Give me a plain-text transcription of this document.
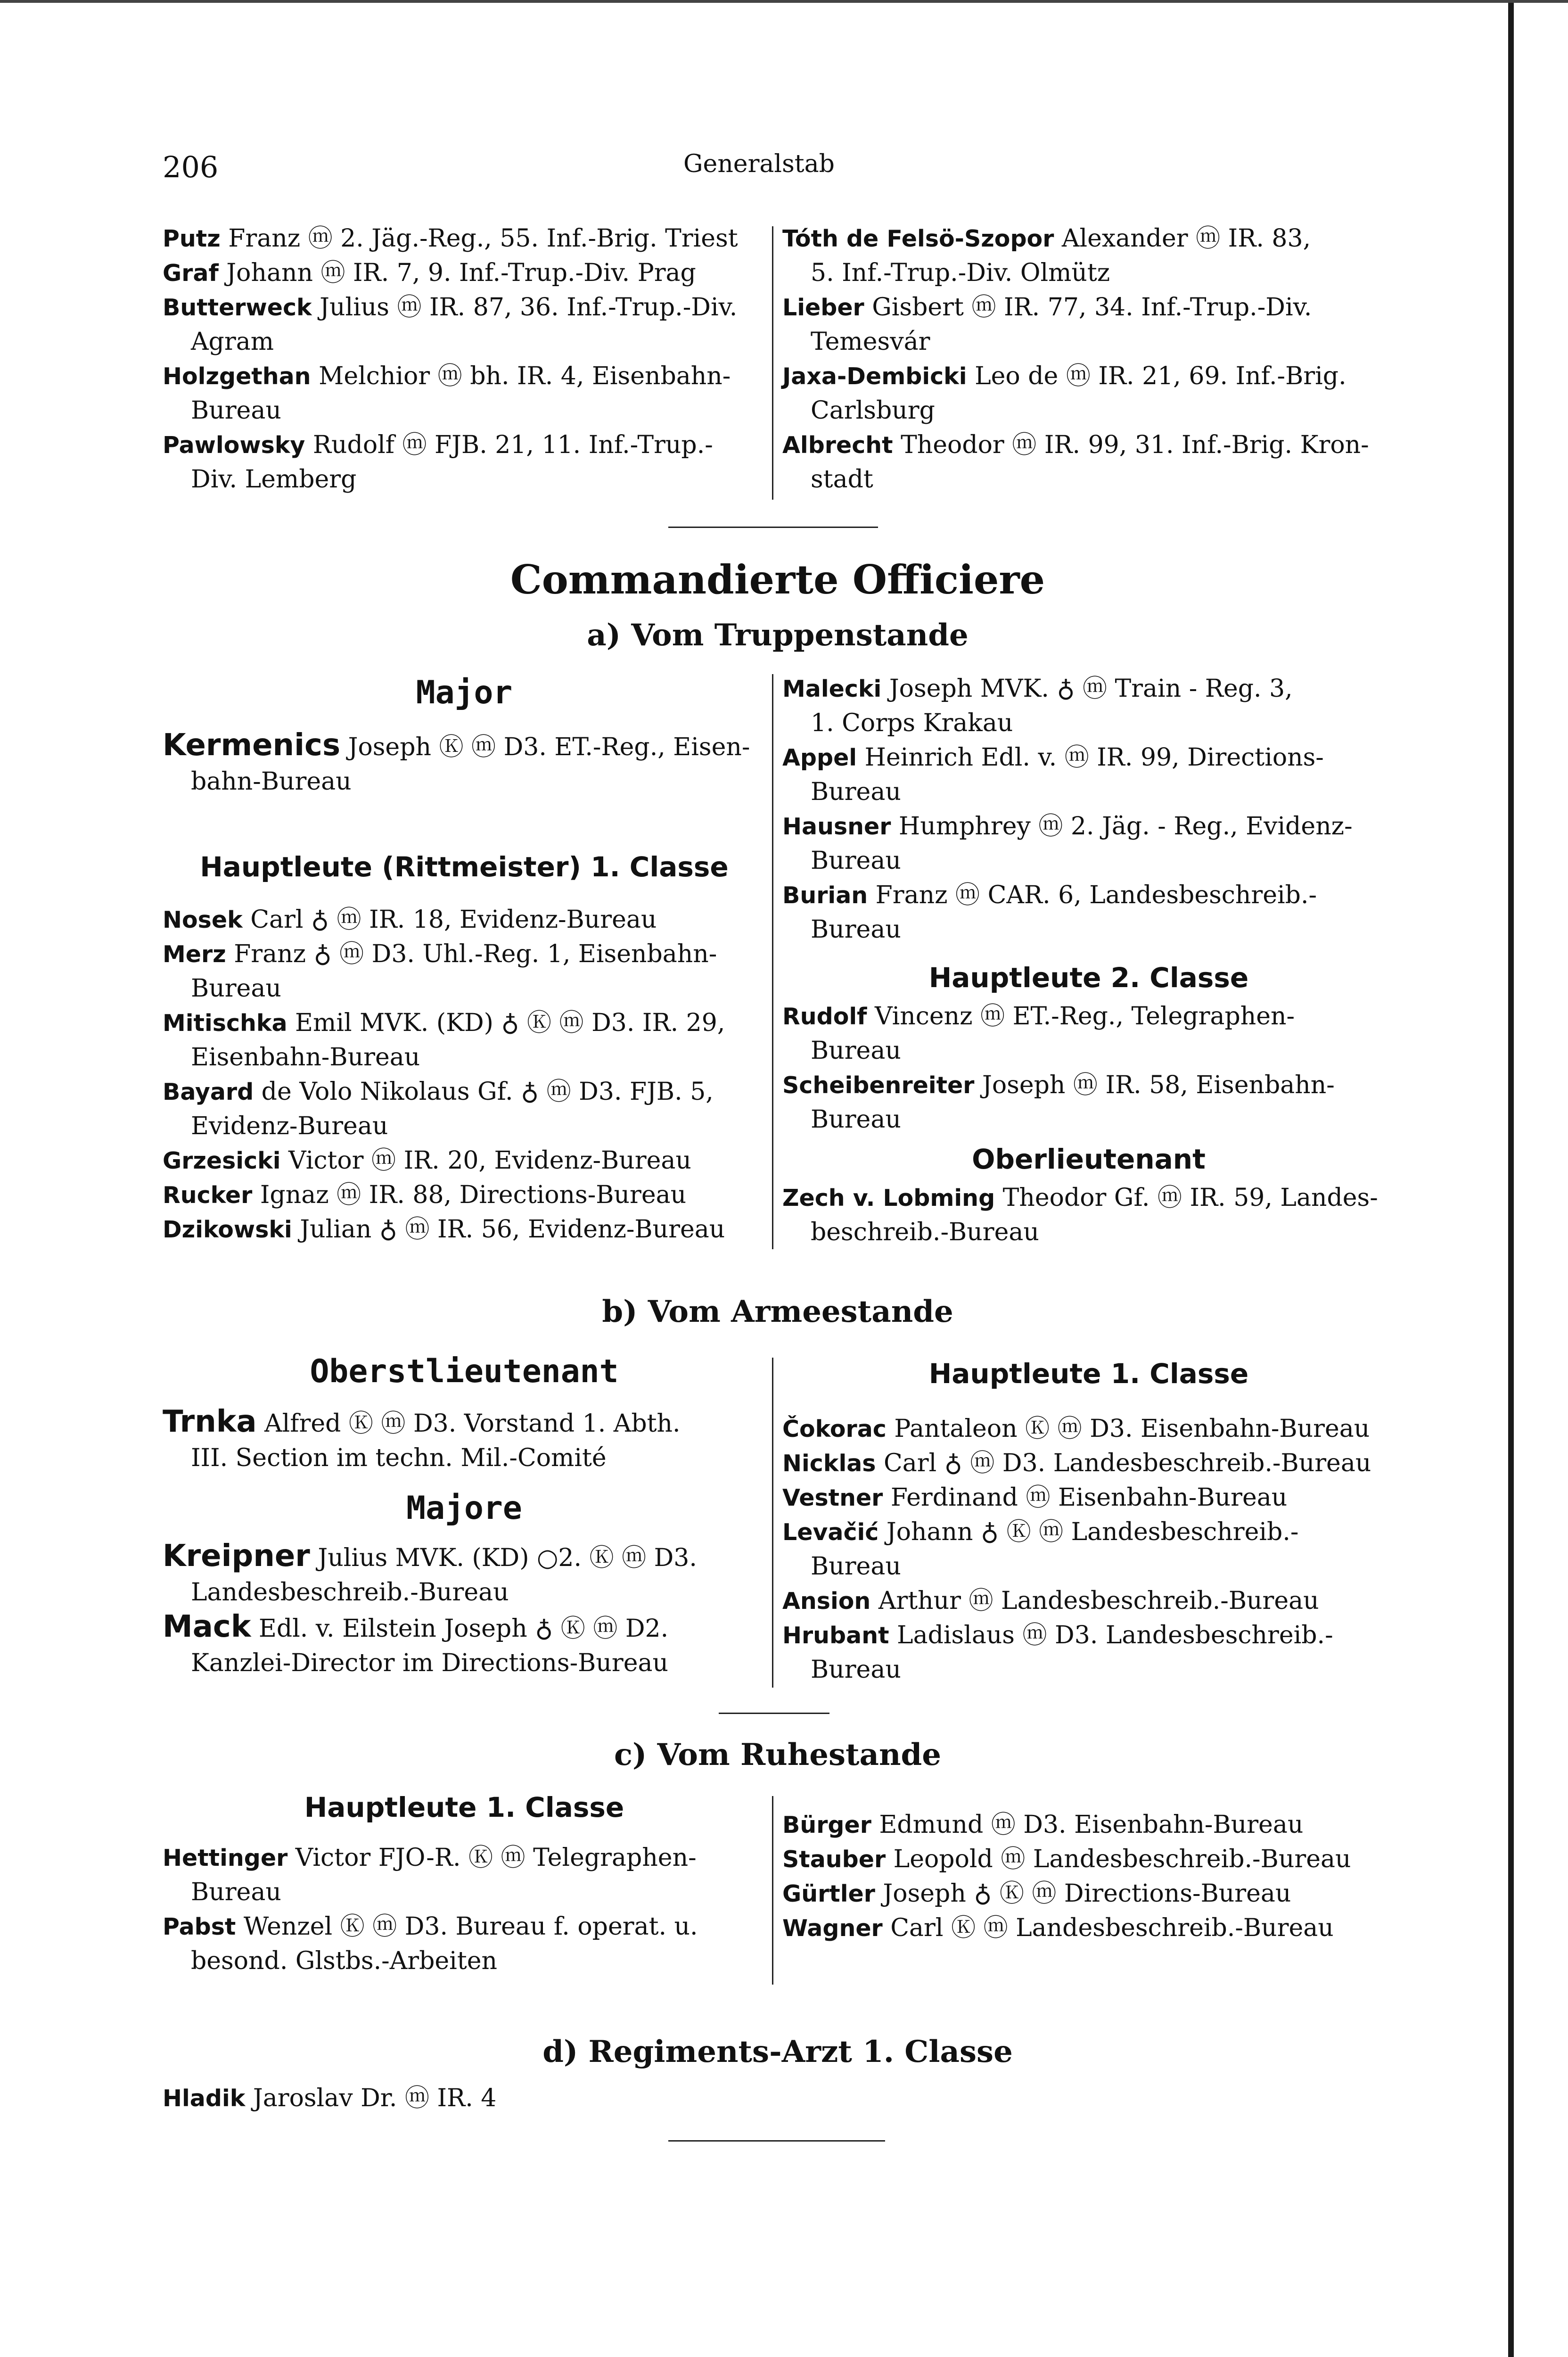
206	Generalstab
Putz Franz ⓜ 2. Jäg.-Reg., 55. Inf.-Brig. Triest
Graf Johann ⓜ IR. 7, 9. Inf.-Trup.-Div. Prag
Butterweck Julius ⓜ IR. 87, 36. Inf.-Trup.-Div.
Agram
Holzgethan Melchior ⓜ bh. IR. 4, Eisenbahn-
Bureau
Pawlowsky Rudolf ⓜ FJB. 21, 11. Inf.-Trup.-
Div. Lemberg
Tóth de Felsö-Szopor Alexander ⓜ IR. 83,
5. Inf.-Trup.-Div. Olmütz
Lieber Gisbert ⓜ IR. 77, 34. Inf.-Trup.-Div.
Temesvár
Jaxa-Dembicki Leo de ⓜ IR. 21, 69. Inf.-Brig.
Carlsburg
Albrecht Theodor ⓜ IR. 99, 31. Inf.-Brig. Kron-
stadt
Commandierte Officiere
a) Vom Truppenstande
Major
Kermenics Joseph Ⓚ ⓜ D3. ET.-Reg., Eisen-
bahn-Bureau
Hauptleute (Rittmeister) 1. Classe
Nosek Carl ♁ ⓜ IR. 18, Evidenz-Bureau
Merz Franz ♁ ⓜ D3. Uhl.-Reg. 1, Eisenbahn-
Bureau
Mitischka Emil MVK. (KD) ♁ Ⓚ ⓜ D3. IR. 29,
Eisenbahn-Bureau
Bayard de Volo Nikolaus Gf. ♁ ⓜ D3. FJB. 5,
Evidenz-Bureau
Grzesicki Victor ⓜ IR. 20, Evidenz-Bureau
Rucker Ignaz ⓜ IR. 88, Directions-Bureau
Dzikowski Julian ♁ ⓜ IR. 56, Evidenz-Bureau
Malecki Joseph MVK. ♁ ⓜ Train - Reg. 3,
1. Corps Krakau
Appel Heinrich Edl. v. ⓜ IR. 99, Directions-
Bureau
Hausner Humphrey ⓜ 2. Jäg. - Reg., Evidenz-
Bureau
Burian Franz ⓜ CAR. 6, Landesbeschreib.-
Bureau
Hauptleute 2. Classe
Rudolf Vincenz ⓜ ET.-Reg., Telegraphen-
Bureau
Scheibenreiter Joseph ⓜ IR. 58, Eisenbahn-
Bureau
Oberlieutenant
Zech v. Lobming Theodor Gf. ⓜ IR. 59, Landes-
beschreib.-Bureau
b) Vom Armeestande
Oberstlieutenant
Trnka Alfred Ⓚ ⓜ D3. Vorstand 1. Abth.
III. Section im techn. Mil.-Comité
Majore
Kreipner Julius MVK. (KD) ○2. Ⓚ ⓜ D3.
Landesbeschreib.-Bureau
Mack Edl. v. Eilstein Joseph ♁ Ⓚ ⓜ D2.
Kanzlei-Director im Directions-Bureau
Hauptleute 1. Classe
Čokorac Pantaleon Ⓚ ⓜ D3. Eisenbahn-Bureau
Nicklas Carl ♁ ⓜ D3. Landesbeschreib.-Bureau
Vestner Ferdinand ⓜ Eisenbahn-Bureau
Levačić Johann ♁ Ⓚ ⓜ Landesbeschreib.-
Bureau
Ansion Arthur ⓜ Landesbeschreib.-Bureau
Hrubant Ladislaus ⓜ D3. Landesbeschreib.-
Bureau
c) Vom Ruhestande
Hauptleute 1. Classe
Hettinger Victor FJO-R. Ⓚ ⓜ Telegraphen-
Bureau
Pabst Wenzel Ⓚ ⓜ D3. Bureau f. operat. u.
besond. Glstbs.-Arbeiten
Bürger Edmund ⓜ D3. Eisenbahn-Bureau
Stauber Leopold ⓜ Landesbeschreib.-Bureau
Gürtler Joseph ♁ Ⓚ ⓜ Directions-Bureau
Wagner Carl Ⓚ ⓜ Landesbeschreib.-Bureau
d) Regiments-Arzt 1. Classe
Hladik Jaroslav Dr. ⓜ IR. 4
